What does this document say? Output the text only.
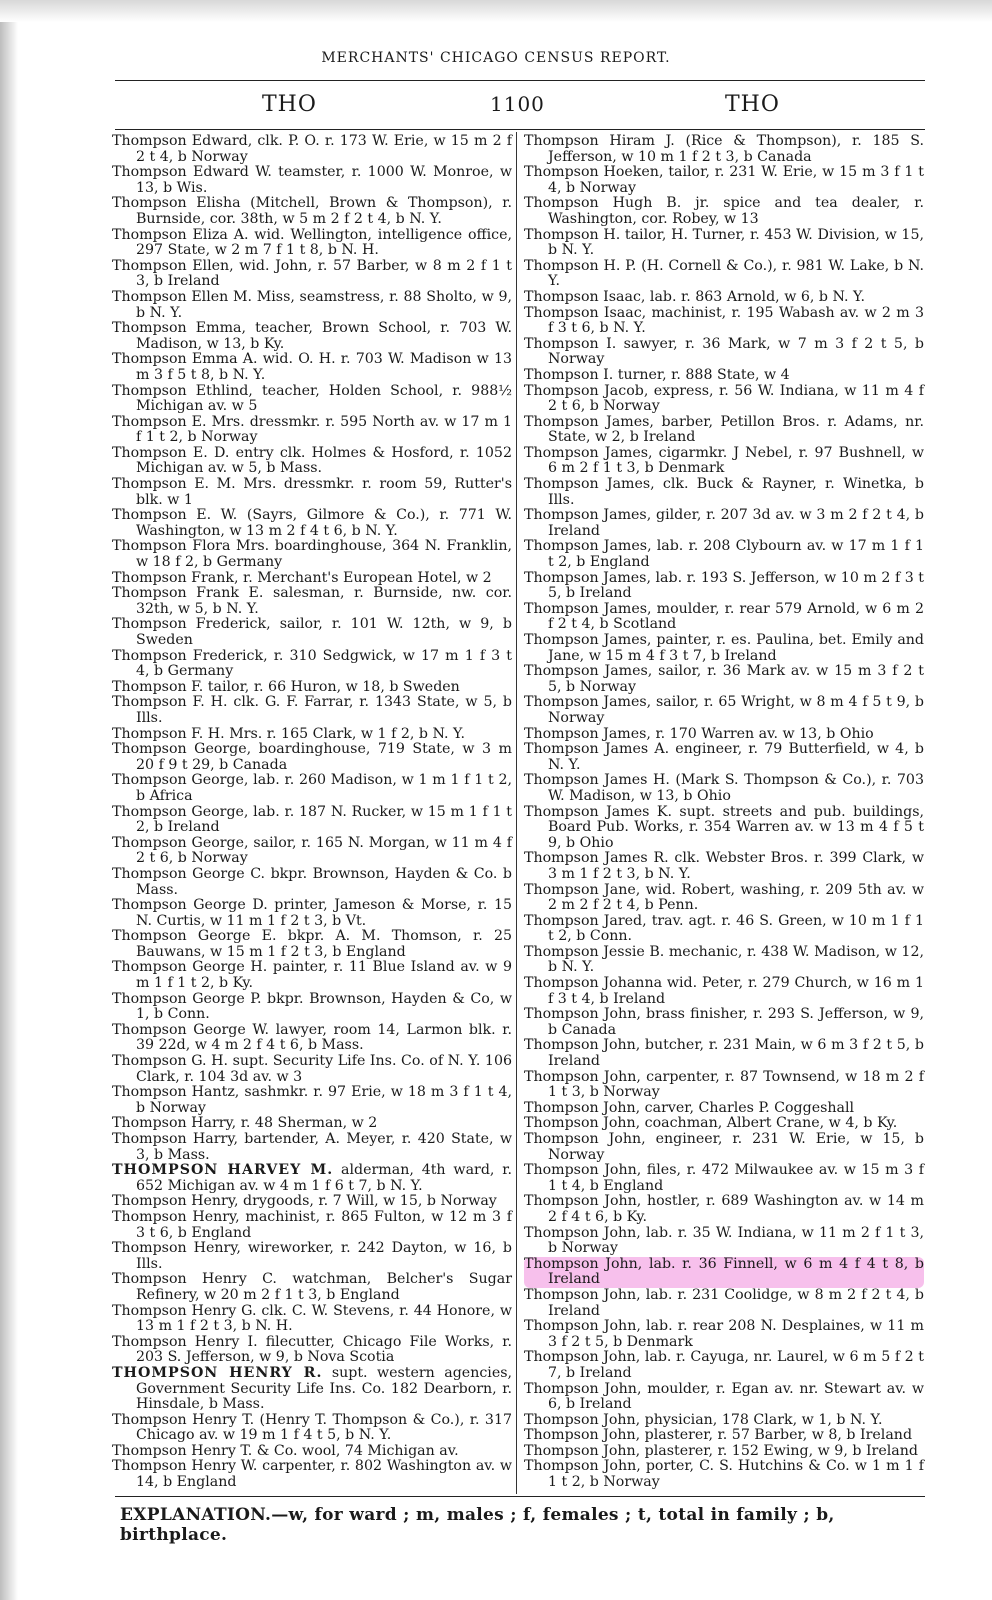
MERCHANTS' CHICAGO CENSUS REPORT.
THO	1100	THO
Thompson Edward, clk. P. O. r. 173 W. Erie, w 15 m 2 f 2 t 4, b Norway
Thompson Edward W. teamster, r. 1000 W. Monroe, w 13, b Wis.
Thompson Elisha (Mitchell, Brown & Thompson), r. Burnside, cor. 38th, w 5 m 2 f 2 t 4, b N. Y.
Thompson Eliza A. wid. Wellington, intelligence office, 297 State, w 2 m 7 f 1 t 8, b N. H.
Thompson Ellen, wid. John, r. 57 Barber, w 8 m 2 f 1 t 3, b Ireland
Thompson Ellen M. Miss, seamstress, r. 88 Sholto, w 9, b N. Y.
Thompson Emma, teacher, Brown School, r. 703 W. Madison, w 13, b Ky.
Thompson Emma A. wid. O. H. r. 703 W. Madison w 13 m 3 f 5 t 8, b N. Y.
Thompson Ethlind, teacher, Holden School, r. 988½ Michigan av. w 5
Thompson E. Mrs. dressmkr. r. 595 North av. w 17 m 1 f 1 t 2, b Norway
Thompson E. D. entry clk. Holmes & Hosford, r. 1052 Michigan av. w 5, b Mass.
Thompson E. M. Mrs. dressmkr. r. room 59, Rutter's blk. w 1
Thompson E. W. (Sayrs, Gilmore & Co.), r. 771 W. Washington, w 13 m 2 f 4 t 6, b N. Y.
Thompson Flora Mrs. boardinghouse, 364 N. Franklin, w 18 f 2, b Germany
Thompson Frank, r. Merchant's European Hotel, w 2
Thompson Frank E. salesman, r. Burnside, nw. cor. 32th, w 5, b N. Y.
Thompson Frederick, sailor, r. 101 W. 12th, w 9, b Sweden
Thompson Frederick, r. 310 Sedgwick, w 17 m 1 f 3 t 4, b Germany
Thompson F. tailor, r. 66 Huron, w 18, b Sweden
Thompson F. H. clk. G. F. Farrar, r. 1343 State, w 5, b Ills.
Thompson F. H. Mrs. r. 165 Clark, w 1 f 2, b N. Y.
Thompson George, boardinghouse, 719 State, w 3 m 20 f 9 t 29, b Canada
Thompson George, lab. r. 260 Madison, w 1 m 1 f 1 t 2, b Africa
Thompson George, lab. r. 187 N. Rucker, w 15 m 1 f 1 t 2, b Ireland
Thompson George, sailor, r. 165 N. Morgan, w 11 m 4 f 2 t 6, b Norway
Thompson George C. bkpr. Brownson, Hayden & Co. b Mass.
Thompson George D. printer, Jameson & Morse, r. 15 N. Curtis, w 11 m 1 f 2 t 3, b Vt.
Thompson George E. bkpr. A. M. Thomson, r. 25 Bauwans, w 15 m 1 f 2 t 3, b England
Thompson George H. painter, r. 11 Blue Island av. w 9 m 1 f 1 t 2, b Ky.
Thompson George P. bkpr. Brownson, Hayden & Co, w 1, b Conn.
Thompson George W. lawyer, room 14, Larmon blk. r. 39 22d, w 4 m 2 f 4 t 6, b Mass.
Thompson G. H. supt. Security Life Ins. Co. of N. Y. 106 Clark, r. 104 3d av. w 3
Thompson Hantz, sashmkr. r. 97 Erie, w 18 m 3 f 1 t 4, b Norway
Thompson Harry, r. 48 Sherman, w 2
Thompson Harry, bartender, A. Meyer, r. 420 State, w 3, b Mass.
THOMPSON HARVEY M. alderman, 4th ward, r. 652 Michigan av. w 4 m 1 f 6 t 7, b N. Y.
Thompson Henry, drygoods, r. 7 Will, w 15, b Norway
Thompson Henry, machinist, r. 865 Fulton, w 12 m 3 f 3 t 6, b England
Thompson Henry, wireworker, r. 242 Dayton, w 16, b Ills.
Thompson Henry C. watchman, Belcher's Sugar Refinery, w 20 m 2 f 1 t 3, b England
Thompson Henry G. clk. C. W. Stevens, r. 44 Honore, w 13 m 1 f 2 t 3, b N. H.
Thompson Henry I. filecutter, Chicago File Works, r. 203 S. Jefferson, w 9, b Nova Scotia
THOMPSON HENRY R. supt. western agencies, Government Security Life Ins. Co. 182 Dearborn, r. Hinsdale, b Mass.
Thompson Henry T. (Henry T. Thompson & Co.), r. 317 Chicago av. w 19 m 1 f 4 t 5, b N. Y.
Thompson Henry T. & Co. wool, 74 Michigan av.
Thompson Henry W. carpenter, r. 802 Washington av. w 14, b England
Thompson Hiram J. (Rice & Thompson), r. 185 S. Jefferson, w 10 m 1 f 2 t 3, b Canada
Thompson Hoeken, tailor, r. 231 W. Erie, w 15 m 3 f 1 t 4, b Norway
Thompson Hugh B. jr. spice and tea dealer, r. Washington, cor. Robey, w 13
Thompson H. tailor, H. Turner, r. 453 W. Division, w 15, b N. Y.
Thompson H. P. (H. Cornell & Co.), r. 981 W. Lake, b N. Y.
Thompson Isaac, lab. r. 863 Arnold, w 6, b N. Y.
Thompson Isaac, machinist, r. 195 Wabash av. w 2 m 3 f 3 t 6, b N. Y.
Thompson I. sawyer, r. 36 Mark, w 7 m 3 f 2 t 5, b Norway
Thompson I. turner, r. 888 State, w 4
Thompson Jacob, express, r. 56 W. Indiana, w 11 m 4 f 2 t 6, b Norway
Thompson James, barber, Petillon Bros. r. Adams, nr. State, w 2, b Ireland
Thompson James, cigarmkr. J Nebel, r. 97 Bushnell, w 6 m 2 f 1 t 3, b Denmark
Thompson James, clk. Buck & Rayner, r. Winetka, b Ills.
Thompson James, gilder, r. 207 3d av. w 3 m 2 f 2 t 4, b Ireland
Thompson James, lab. r. 208 Clybourn av. w 17 m 1 f 1 t 2, b England
Thompson James, lab. r. 193 S. Jefferson, w 10 m 2 f 3 t 5, b Ireland
Thompson James, moulder, r. rear 579 Arnold, w 6 m 2 f 2 t 4, b Scotland
Thompson James, painter, r. es. Paulina, bet. Emily and Jane, w 15 m 4 f 3 t 7, b Ireland
Thompson James, sailor, r. 36 Mark av. w 15 m 3 f 2 t 5, b Norway
Thompson James, sailor, r. 65 Wright, w 8 m 4 f 5 t 9, b Norway
Thompson James, r. 170 Warren av. w 13, b Ohio
Thompson James A. engineer, r. 79 Butterfield, w 4, b N. Y.
Thompson James H. (Mark S. Thompson & Co.), r. 703 W. Madison, w 13, b Ohio
Thompson James K. supt. streets and pub. buildings, Board Pub. Works, r. 354 Warren av. w 13 m 4 f 5 t 9, b Ohio
Thompson James R. clk. Webster Bros. r. 399 Clark, w 3 m 1 f 2 t 3, b N. Y.
Thompson Jane, wid. Robert, washing, r. 209 5th av. w 2 m 2 f 2 t 4, b Penn.
Thompson Jared, trav. agt. r. 46 S. Green, w 10 m 1 f 1 t 2, b Conn.
Thompson Jessie B. mechanic, r. 438 W. Madison, w 12, b N. Y.
Thompson Johanna wid. Peter, r. 279 Church, w 16 m 1 f 3 t 4, b Ireland
Thompson John, brass finisher, r. 293 S. Jefferson, w 9, b Canada
Thompson John, butcher, r. 231 Main, w 6 m 3 f 2 t 5, b Ireland
Thompson John, carpenter, r. 87 Townsend, w 18 m 2 f 1 t 3, b Norway
Thompson John, carver, Charles P. Coggeshall
Thompson John, coachman, Albert Crane, w 4, b Ky.
Thompson John, engineer, r. 231 W. Erie, w 15, b Norway
Thompson John, files, r. 472 Milwaukee av. w 15 m 3 f 1 t 4, b England
Thompson John, hostler, r. 689 Washington av. w 14 m 2 f 4 t 6, b Ky.
Thompson John, lab. r. 35 W. Indiana, w 11 m 2 f 1 t 3, b Norway
Thompson John, lab. r. 36 Finnell, w 6 m 4 f 4 t 8, b Ireland
Thompson John, lab. r. 231 Coolidge, w 8 m 2 f 2 t 4, b Ireland
Thompson John, lab. r. rear 208 N. Desplaines, w 11 m 3 f 2 t 5, b Denmark
Thompson John, lab. r. Cayuga, nr. Laurel, w 6 m 5 f 2 t 7, b Ireland
Thompson John, moulder, r. Egan av. nr. Stewart av. w 6, b Ireland
Thompson John, physician, 178 Clark, w 1, b N. Y.
Thompson John, plasterer, r. 57 Barber, w 8, b Ireland
Thompson John, plasterer, r. 152 Ewing, w 9, b Ireland
Thompson John, porter, C. S. Hutchins & Co. w 1 m 1 f 1 t 2, b Norway
EXPLANATION.—w, for ward ; m, males ; f, females ; t, total in family ; b, birthplace.
